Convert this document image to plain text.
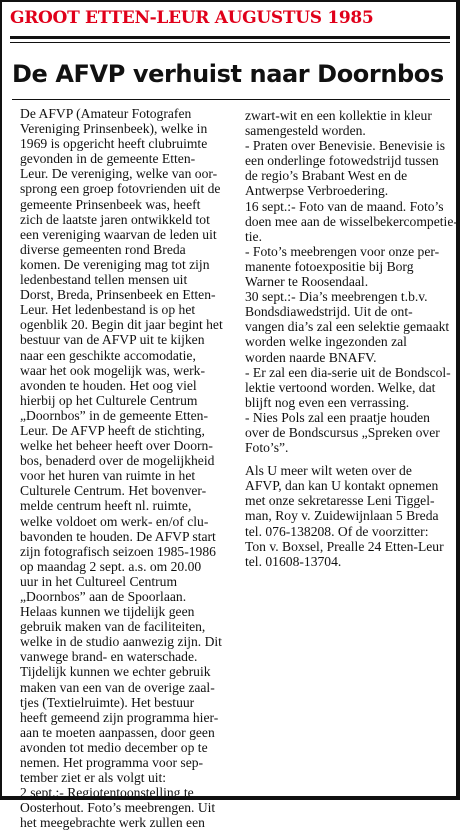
GROOT ETTEN-LEUR AUGUSTUS 1985
De AFVP verhuist naar Doornbos
De AFVP (Amateur Fotografen
Vereniging Prinsenbeek), welke in
1969 is opgericht heeft clubruimte
gevonden in de gemeente Etten-
Leur. De vereniging, welke van oor-
sprong een groep fotovrienden uit de
gemeente Prinsenbeek was, heeft
zich de laatste jaren ontwikkeld tot
een vereniging waarvan de leden uit
diverse gemeenten rond Breda
komen. De vereniging mag tot zijn
ledenbestand tellen mensen uit
Dorst, Breda, Prinsenbeek en Etten-
Leur. Het ledenbestand is op het
ogenblik 20. Begin dit jaar begint het
bestuur van de AFVP uit te kijken
naar een geschikte accomodatie,
waar het ook mogelijk was, werk-
avonden te houden. Het oog viel
hierbij op het Culturele Centrum
„Doornbos” in de gemeente Etten-
Leur. De AFVP heeft de stichting,
welke het beheer heeft over Doorn-
bos, benaderd over de mogelijkheid
voor het huren van ruimte in het
Culturele Centrum. Het bovenver-
melde centrum heeft nl. ruimte,
welke voldoet om werk- en/of clu-
bavonden te houden. De AFVP start
zijn fotografisch seizoen 1985-1986
op maandag 2 sept. a.s. om 20.00
uur in het Cultureel Centrum
„Doornbos” aan de Spoorlaan.
Helaas kunnen we tijdelijk geen
gebruik maken van de faciliteiten,
welke in de studio aanwezig zijn. Dit
vanwege brand- en waterschade.
Tijdelijk kunnen we echter gebruik
maken van een van de overige zaal-
tjes (Textielruimte). Het bestuur
heeft gemeend zijn programma hier-
aan te moeten aanpassen, door geen
avonden tot medio december op te
nemen. Het programma voor sep-
tember ziet er als volgt uit:
2 sept.:- Regiotentoonstelling te
Oosterhout. Foto’s meebrengen. Uit
het meegebrachte werk zullen een
zwart-wit en een kollektie in kleur
samengesteld worden.
- Praten over Benevisie. Benevisie is
een onderlinge fotowedstrijd tussen
de regio’s Brabant West en de
Antwerpse Verbroedering.
16 sept.:- Foto van de maand. Foto’s
doen mee aan de wisselbekercompetie-
tie.
- Foto’s meebrengen voor onze per-
manente fotoexpositie bij Borg
Warner te Roosendaal.
30 sept.:- Dia’s meebrengen t.b.v.
Bondsdiawedstrijd. Uit de ont-
vangen dia’s zal een selektie gemaakt
worden welke ingezonden zal
worden naarde BNAFV.
- Er zal een dia-serie uit de Bondscol-
lektie vertoond worden. Welke, dat
blijft nog even een verrassing.
- Nies Pols zal een praatje houden
over de Bondscursus „Spreken over
Foto’s”.
Als U meer wilt weten over de
AFVP, dan kan U kontakt opnemen
met onze sekretaresse Leni Tiggel-
man, Roy v. Zuidewijnlaan 5 Breda
tel. 076-138208. Of de voorzitter:
Ton v. Boxsel, Prealle 24 Etten-Leur
tel. 01608-13704.
